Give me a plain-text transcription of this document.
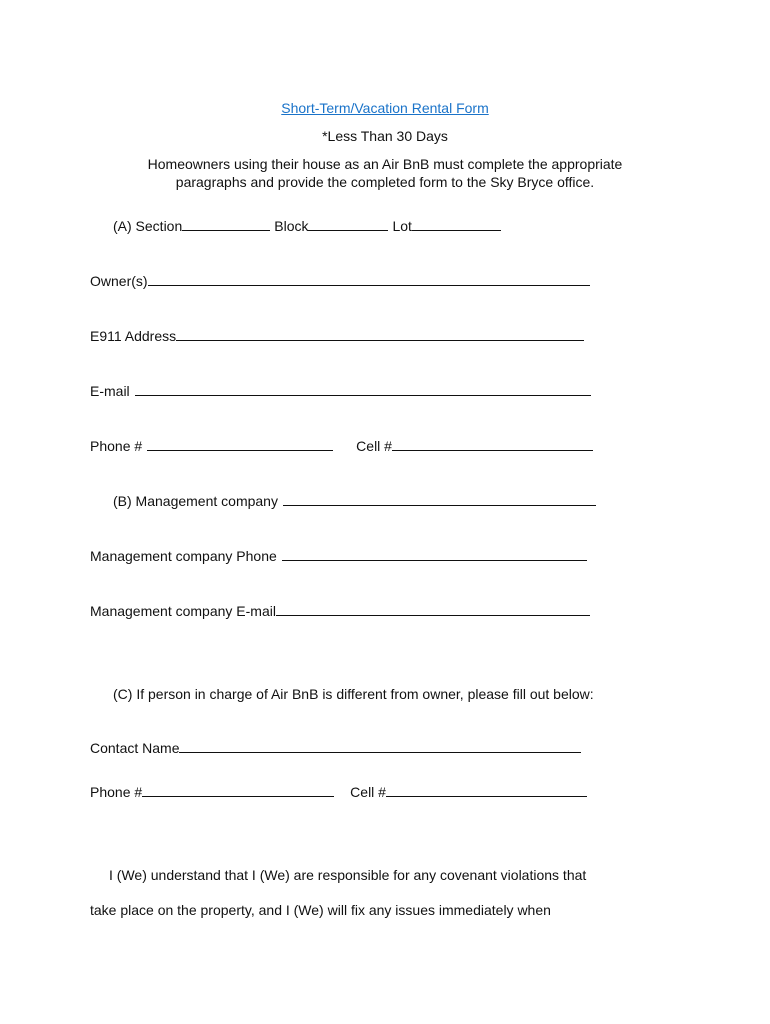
Short-Term/Vacation Rental Form
*Less Than 30 Days
Homeowners using their house as an Air BnB must complete the appropriate
paragraphs and provide the completed form to the Sky Bryce office.
(A) Section	Block	Lot
Owner(s)
E911 Address
E-mail
Phone #	Cell #
(B) Management company
Management company Phone
Management company E-mail
(C) If person in charge of Air BnB is different from owner, please fill out below:
Contact Name
Phone #	Cell #
I (We) understand that I (We) are responsible for any covenant violations that
take place on the property, and I (We) will fix any issues immediately when
